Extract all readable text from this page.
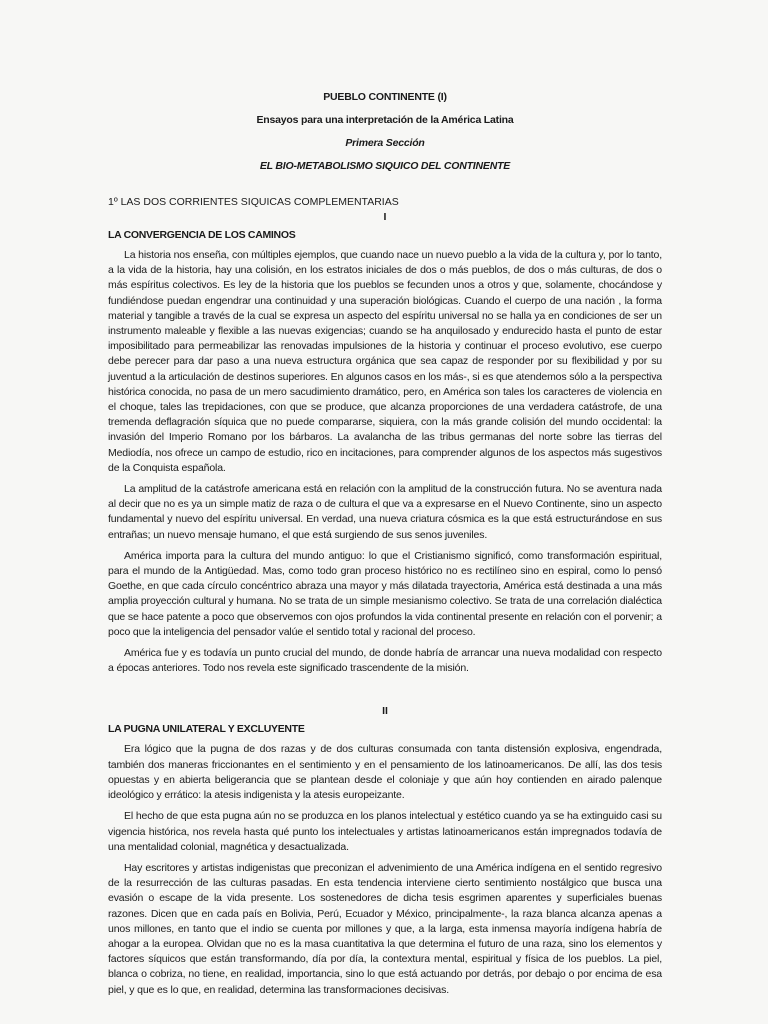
PUEBLO CONTINENTE (I)

Ensayos para una interpretación de la América Latina

Primera Sección

EL BIO-METABOLISMO SIQUICO DEL CONTINENTE

1º LAS DOS CORRIENTES SIQUICAS COMPLEMENTARIAS
I
LA CONVERGENCIA DE LOS CAMINOS

La historia nos enseña, con múltiples ejemplos, que cuando nace un nuevo pueblo a la vida de la cultura y, por lo tanto, a la vida de la historia, hay una colisión, en los estratos iniciales de dos o más pueblos, de dos o más culturas, de dos o más espíritus colectivos. Es ley de la historia que los pueblos se fecunden unos a otros y que, solamente, chocándose y fundiéndose puedan engendrar una continuidad y una superación biológicas. Cuando el cuerpo de una nación , la forma material y tangible a través de la cual se expresa un aspecto del espíritu universal no se halla ya en condiciones de ser un instrumento maleable y flexible a las nuevas exigencias; cuando se ha anquilosado y endurecido hasta el punto de estar imposibilitado para permeabilizar las renovadas impulsiones de la historia y continuar el proceso evolutivo, ese cuerpo debe perecer para dar paso a una nueva estructura orgánica que sea capaz de responder por su flexibilidad y por su juventud a la articulación de destinos superiores. En algunos casos en los más-, si es que atendemos sólo a la perspectiva histórica conocida, no pasa de un mero sacudimiento dramático, pero, en América son tales los caracteres de violencia en el choque, tales las trepidaciones, con que se produce, que alcanza proporciones de una verdadera catástrofe, de una tremenda deflagración síquica que no puede compararse, siquiera, con la más grande colisión del mundo occidental: la invasión del Imperio Romano por los bárbaros. La avalancha de las tribus germanas del norte sobre las tierras del Mediodía, nos ofrece un campo de estudio, rico en incitaciones, para comprender algunos de los aspectos más sugestivos de la Conquista española.

La amplitud de la catástrofe americana está en relación con la amplitud de la construcción futura. No se aventura nada al decir que no es ya un simple matiz de raza o de cultura el que va a expresarse en el Nuevo Continente, sino un aspecto fundamental y nuevo del espíritu universal. En verdad, una nueva criatura cósmica es la que está estructurándose en sus entrañas; un nuevo mensaje humano, el que está surgiendo de sus senos juveniles.

América importa para la cultura del mundo antiguo: lo que el Cristianismo significó, como transformación espiritual, para el mundo de la Antigüedad. Mas, como todo gran proceso histórico no es rectilíneo sino en espiral, como lo pensó Goethe, en que cada círculo concéntrico abraza una mayor y más dilatada trayectoria, América está destinada a una más amplia proyección cultural y humana. No se trata de un simple mesianismo colectivo. Se trata de una correlación dialéctica que se hace patente a poco que observemos con ojos profundos la vida continental presente en relación con el porvenir; a poco que la inteligencia del pensador valúe el sentido total y racional del proceso.

América fue y es todavía un punto crucial del mundo, de donde habría de arrancar una nueva modalidad con respecto a épocas anteriores. Todo nos revela este significado trascendente de la misión.

II
LA PUGNA UNILATERAL Y EXCLUYENTE

Era lógico que la pugna de dos razas y de dos culturas consumada con tanta distensión explosiva, engendrada, también dos maneras friccionantes en el sentimiento y en el pensamiento de los latinoamericanos. De allí, las dos tesis opuestas y en abierta beligerancia que se plantean desde el coloniaje y que aún hoy contienden en airado palenque ideológico y errático: la atesis indigenista y la atesis europeizante.

El hecho de que esta pugna aún no se produzca en los planos intelectual y estético cuando ya se ha extinguido casi su vigencia histórica, nos revela hasta qué punto los intelectuales y artistas latinoamericanos están impregnados todavía de una mentalidad colonial, magnética y desactualizada.

Hay escritores y artistas indigenistas que preconizan el advenimiento de una América indígena en el sentido regresivo de la resurrección de las culturas pasadas. En esta tendencia interviene cierto sentimiento nostálgico que busca una evasión o escape de la vida presente. Los sostenedores de dicha tesis esgrimen aparentes y superficiales buenas razones. Dicen que en cada país en Bolivia, Perú, Ecuador y México, principalmente-, la raza blanca alcanza apenas a unos millones, en tanto que el indio se cuenta por millones y que, a la larga, esta inmensa mayoría indígena habría de ahogar a la europea. Olvidan que no es la masa cuantitativa la que determina el futuro de una raza, sino los elementos y factores síquicos que están transformando, día por día, la contextura mental, espiritual y física de los pueblos. La piel, blanca o cobriza, no tiene, en realidad, importancia, sino lo que está actuando por detrás, por debajo o por encima de esa piel, y que es lo que, en realidad, determina las transformaciones decisivas.
